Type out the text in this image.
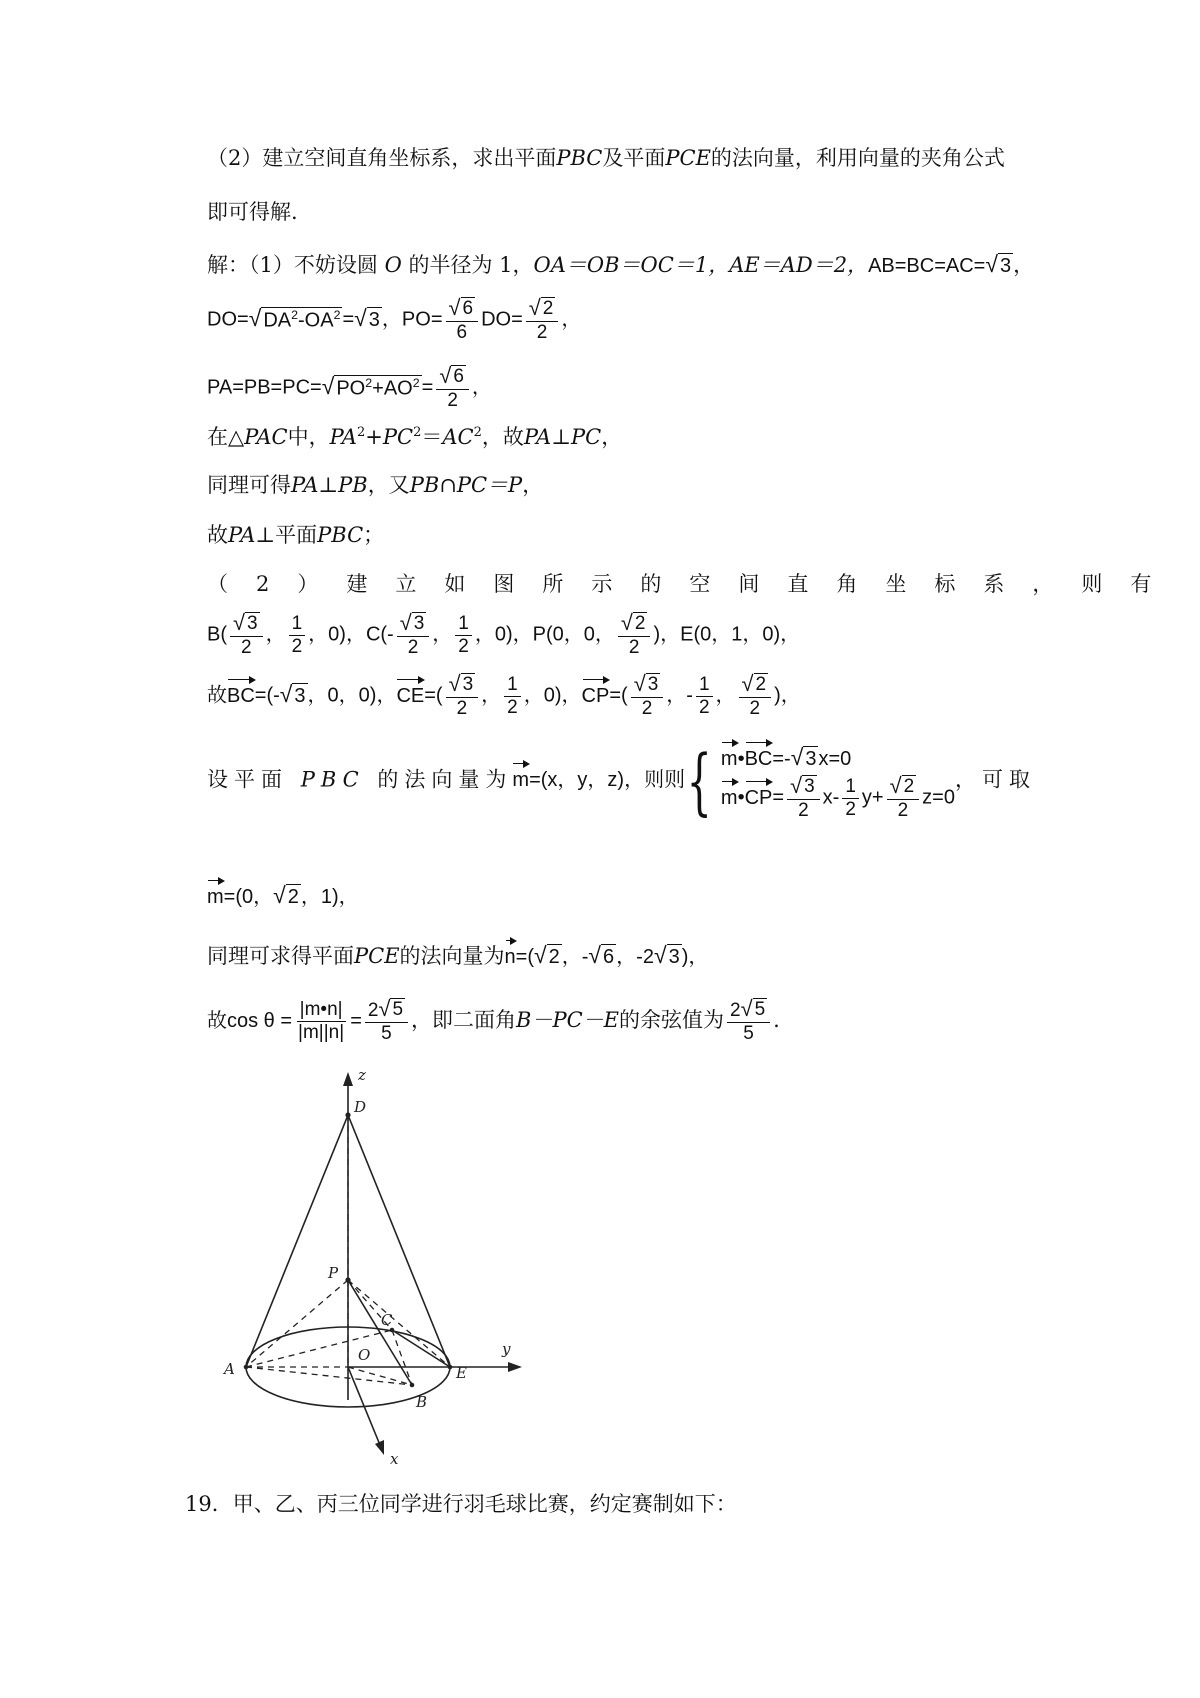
（2）建立空间直角坐标系，求出平面PBC及平面PCE的法向量，利用向量的夹角公式
即可得解.
解：（1）不妨设圆 O 的半径为 1，OA＝OB＝OC＝1，AE＝AD＝2，AB=BC=AC= √ 3 ，
DO= √ $DA^2-OA^2$ = √ 3 ，$PO= \frac{√ 6}{6} DO= \frac{√ 2}{2}$ ，
PA=PB=PC= √ $PO^2+AO^2 = \frac{√ 6}{2}$ ，
在△PAC中，$PA^2+PC^2=AC^2$，故PA⊥PC，
同理可得PA⊥PB，又PB∩PC＝P，
故PA⊥平面PBC；
（2）建立如图所示的空间直角坐标系，则有
$B( \frac{√ 3}{2}$ ， $\frac{1}{2}$ ，0)，$C(- \frac{√ 3}{2}$ ， $\frac{1}{2}$ ，0)，P(0，0， $\frac{√ 2}{2}$ )，E(0，1，0)，
故BC=(- √ 3 ，0，0)，$CE=( \frac{√ 3}{2}$ ， $\frac{1}{2}$ ，0)，$CP=( \frac{√ 3}{2}$ ，- $\frac{1}{2}$ ， $\frac{√ 2}{2}$ )，
设平面 PBC 的法向量为m=(x，y，z)，则则{ m•BC=- √ 3 x=0
m•CP= $\frac{√ 3}{2} x- \frac{1}{2} y+ \frac{√ 2}{2} z=0$
，可取
m=(0， √ 2 ，1)，
同理可求得平面PCE的法向量为n=( √ 2 ，- √ 6 ，-2 √ 3 )，
故$\cos \theta = \frac{|m•n|}{|m||n|} = \frac{2 √ 5}{5}$ ，即二面角B－PC－E的余弦值为 $\frac{2 √ 5}{5}$ .
z
y
x
D
P
C
O
A	E
B
19．甲、乙、丙三位同学进行羽毛球比赛，约定赛制如下：
